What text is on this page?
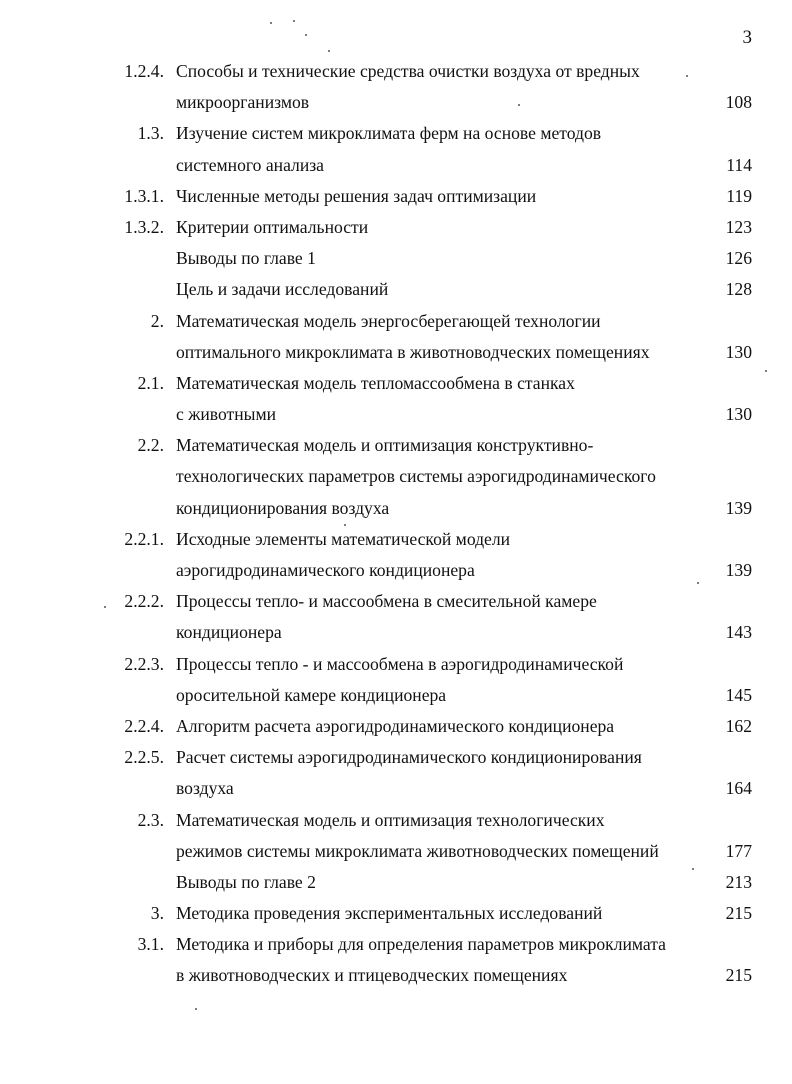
3
1.2.4. Способы и технические средства очистки воздуха от вредных
микроорганизмов	108
1.3. Изучение систем микроклимата ферм на основе методов
системного анализа	114
1.3.1. Численные методы решения задач оптимизации	119
1.3.2. Критерии оптимальности	123
Выводы по главе 1	126
Цель и задачи исследований	128
2. Математическая модель энергосберегающей технологии
оптимального микроклимата в животноводческих помещениях	130
2.1. Математическая модель тепломассообмена в станках
с животными	130
2.2. Математическая модель и оптимизация конструктивно-
технологических параметров системы аэрогидродинамического
кондиционирования воздуха	139
2.2.1. Исходные элементы математической модели
аэрогидродинамического кондиционера	139
2.2.2. Процессы тепло- и массообмена в смесительной камере
кондиционера	143
2.2.3. Процессы тепло - и массообмена в аэрогидродинамической
оросительной камере кондиционера	145
2.2.4. Алгоритм расчета аэрогидродинамического кондиционера	162
2.2.5. Расчет системы аэрогидродинамического кондиционирования
воздуха	164
2.3. Математическая модель и оптимизация технологических
режимов системы микроклимата животноводческих помещений	177
Выводы по главе 2	213
3. Методика проведения экспериментальных исследований	215
3.1. Методика и приборы для определения параметров микроклимата
в животноводческих и птицеводческих помещениях	215
